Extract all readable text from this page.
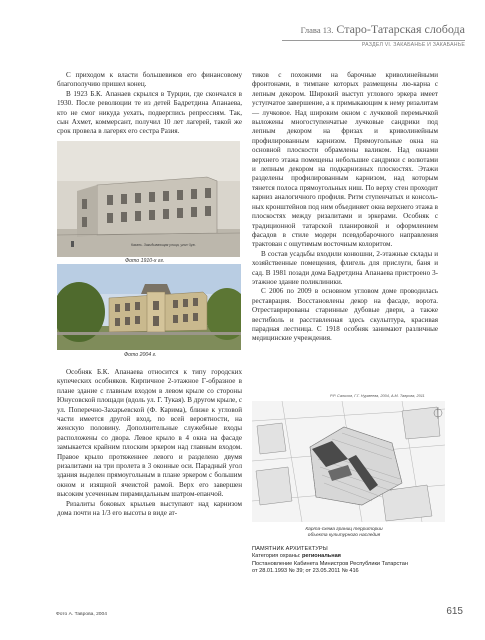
Глава 13. Старо-Татарская слобода
РАЗДЕЛ VI. ЗАКАБАНЬЕ И ЗАКАБАНЬЕ

С приходом к власти большевиков его финансовому благополучию пришел конец.

В 1923 Б.К. Апанаев скрылся в Турции, где скончался в 1930. После революции те из детей Бадретдина Апанаева, кто не смог никуда уехать, подверглись репрессиям. Так, сын Ахмет, коммерсант, получил 10 лет лагерей, такой же срок провела в лагерях его сестра Разия.

Казань. Закидывающая улица, угол Чуж.
Фото 1910-х гг.
Фото 2004 г.

Особняк Б.К. Апанаева относится к типу городских купеческих особняков. Кирпичное 2-этажное Г-образное в плане здание с главным входом в левом крыле со стороны Юнусовской площади (вдоль ул. Г. Тукая). В другом крыле, с ул. Поперечно-Захарьевской (Ф. Карима), ближе к угловой части имеется другой вход, по всей вероятности, на женскую половину. Дополнительные служебные входы расположены со двора. Левое крыло в 4 окна на фасаде замыкается крайним плоским эркером над главным входом. Правое крыло протяженнее левого и разделено двумя ризалитами на три пролета в 3 оконные оси. Парадный угол здания выделен прямоугольным в плане эркером с большим окном и изящной ячеистой рамой. Верх его завершен высоким усеченным пирамидальным шатром-епанчой.

Ризалиты боковых крыльев выступают над карнизом дома почти на 1/3 его высоты в виде ат-

тиков с похожими на барочные криволинейными фронтонами, в тимпане которых размещены лю-карна с лепным декором. Широкий выступ углового эркера имеет уступчатое завершение, а к примыкающим к нему ризалитам — лучковое. Над широким окном с лучковой перемычкой выложены многоступенчатые лучковые сандрики под лепным декором на фризах и криволинейным профилированным карнизом. Прямоугольные окна на основной плоскости обрамлены валиком. Над окнами верхнего этажа помещены небольшие сандрики с волютами и лепным декором на подкарнизных плоскостях. Этажи разделены профилированным карнизом, над которым тянется полоса прямоугольных ниш. По верху стен проходит карниз аналогичного профиля. Ритм ступенчатых и консоль-ных кронштейнов под ним объединяет окна верхнего этажа в плоскостях между ризалитами и эркерами. Особняк с традиционной татарской планировкой и оформлением фасадов в стиле модерн псевдобарочного направления трактован с ощутимым восточным колоритом.

В состав усадьбы входили конюшни, 2-этажные склады и хозяйственные помещения, флигель для прислуги, баня и сад. В 1981 позади дома Бадретдина Апанаева пристроено 3-этажное здание поликлиники.

С 2006 по 2009 в основном угловом доме проводилась реставрация. Восстановлены декор на фасаде, ворота. Отреставрированы старинные дубовые двери, а также вестибюль и расставленная здесь скульптура, красивая парадная лестница. С 1918 особняк занимают различные медицинские учреждения.

Р.Р. Салихов, Г.Г. Нурмеева, 2004, А.М. Таврова, 2011
Карта-схема границ территории объекта культурного наследия
ПАМЯТНИК АРХИТЕКТУРЫ
Категория охраны: региональная
Постановление Кабинета Министров Республики Татарстан
от 28.01.1993 № 39; от 23.05.2011 № 416
Фото А. Таврова, 2004	615
